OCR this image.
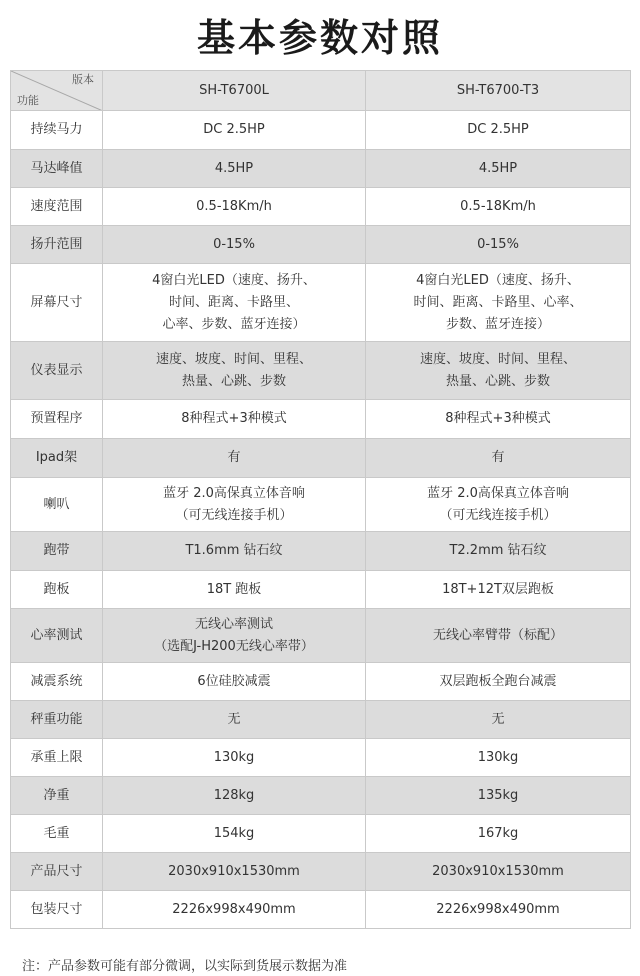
基本参数对照
版本
功能	SH-T6700L	SH-T6700-T3
持续马力	DC 2.5HP	DC 2.5HP

马达峰值	4.5HP	4.5HP

速度范围	0.5-18Km/h	0.5-18Km/h

扬升范围	0-15%	0-15%

屏幕尺寸	4窗白光LED（速度、扬升、
时间、距离、卡路里、
心率、步数、蓝牙连接）	4窗白光LED（速度、扬升、
时间、距离、卡路里、心率、
步数、蓝牙连接）

仪表显示	速度、坡度、时间、里程、
热量、心跳、步数	速度、坡度、时间、里程、
热量、心跳、步数

预置程序	8种程式+3种模式	8种程式+3种模式

Ipad架	有	有

喇叭	蓝牙 2.0高保真立体音响
（可无线连接手机）	蓝牙 2.0高保真立体音响
（可无线连接手机）

跑带	T1.6mm 钻石纹	T2.2mm 钻石纹

跑板	18T 跑板	18T+12T双层跑板

心率测试	无线心率测试
（选配J-H200无线心率带）	无线心率臂带（标配）

减震系统	6位硅胶减震	双层跑板全跑台减震

秤重功能	无	无

承重上限	130kg	130kg

净重	128kg	135kg

毛重	154kg	167kg

产品尺寸	2030x910x1530mm	2030x910x1530mm

包装尺寸	2226x998x490mm	2226x998x490mm
注：产品参数可能有部分微调，以实际到货展示数据为准
